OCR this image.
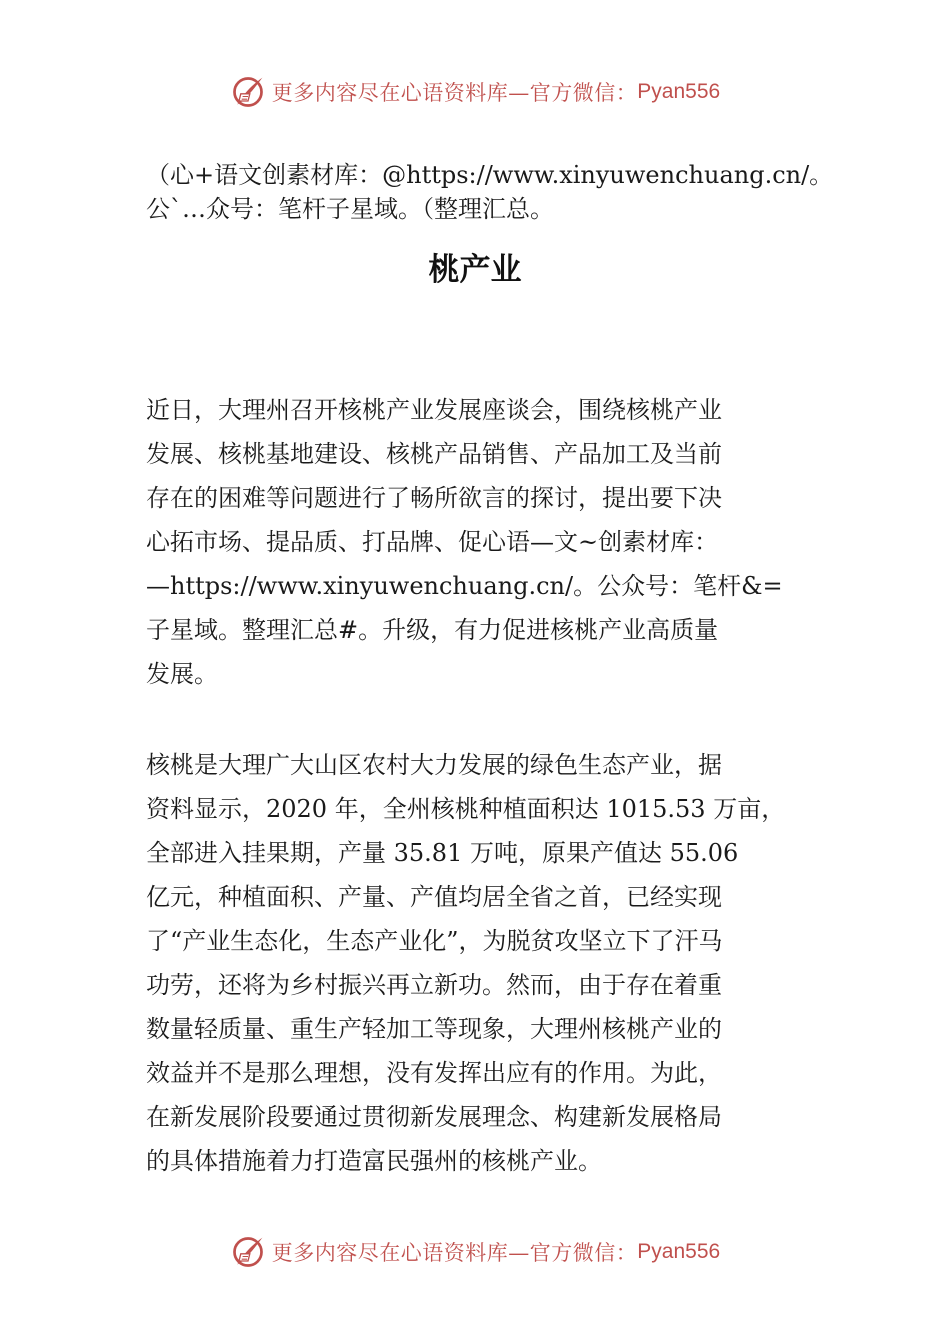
更多内容尽在心语资料库—官方微信： Pyan556
（心+语文创素材库：@https://www.xinyuwenchuang.cn/。
公`…众号：笔杆子星域。（整理汇总。
桃产业
近日，大理州召开核桃产业发展座谈会，围绕核桃产业
发展、核桃基地建设、核桃产品销售、产品加工及当前
存在的困难等问题进行了畅所欲言的探讨，提出要下决
心拓市场、提品质、打品牌、促心语—文~创素材库：
—https://www.xinyuwenchuang.cn/。公众号：笔杆&=
子星域。整理汇总#。升级，有力促进核桃产业高质量
发展。
核桃是大理广大山区农村大力发展的绿色生态产业，据
资料显示，2020 年，全州核桃种植面积达 1015.53 万亩，
全部进入挂果期，产量 35.81 万吨，原果产值达 55.06
亿元，种植面积、产量、产值均居全省之首，已经实现
了“产业生态化，生态产业化”，为脱贫攻坚立下了汗马
功劳，还将为乡村振兴再立新功。然而，由于存在着重
数量轻质量、重生产轻加工等现象，大理州核桃产业的
效益并不是那么理想，没有发挥出应有的作用。为此，
在新发展阶段要通过贯彻新发展理念、构建新发展格局
的具体措施着力打造富民强州的核桃产业。
更多内容尽在心语资料库—官方微信： Pyan556
